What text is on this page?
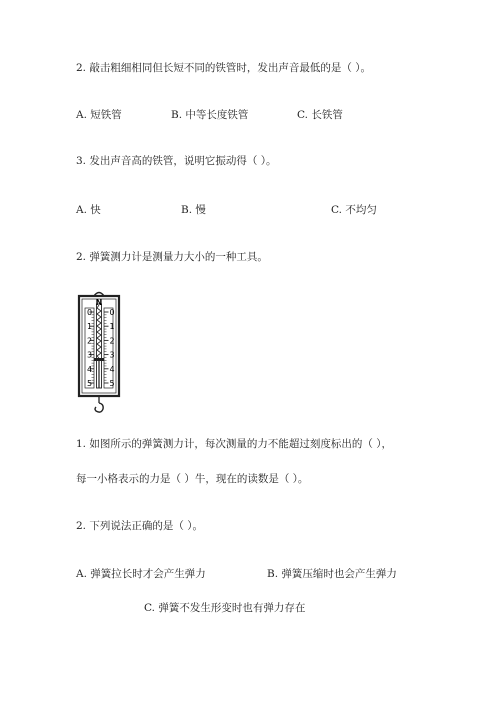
2. 敲击粗细相同但长短不同的铁管时，发出声音最低的是（ ）。
A. 短铁管	B. 中等长度铁管	C. 长铁管
3. 发出声音高的铁管，说明它振动得（ ）。
A. 快	B. 慢	C. 不均匀
2. 弹簧测力计是测量力大小的一种工具。
0
1
2
3
4
5
0
1
2
3
4
5
N
1. 如图所示的弹簧测力计，每次测量的力不能超过刻度标出的（ ），
每一小格表示的力是（ ）牛，现在的读数是（ ）。
2. 下列说法正确的是（ ）。
A. 弹簧拉长时才会产生弹力	B. 弹簧压缩时也会产生弹力
C. 弹簧不发生形变时也有弹力存在
